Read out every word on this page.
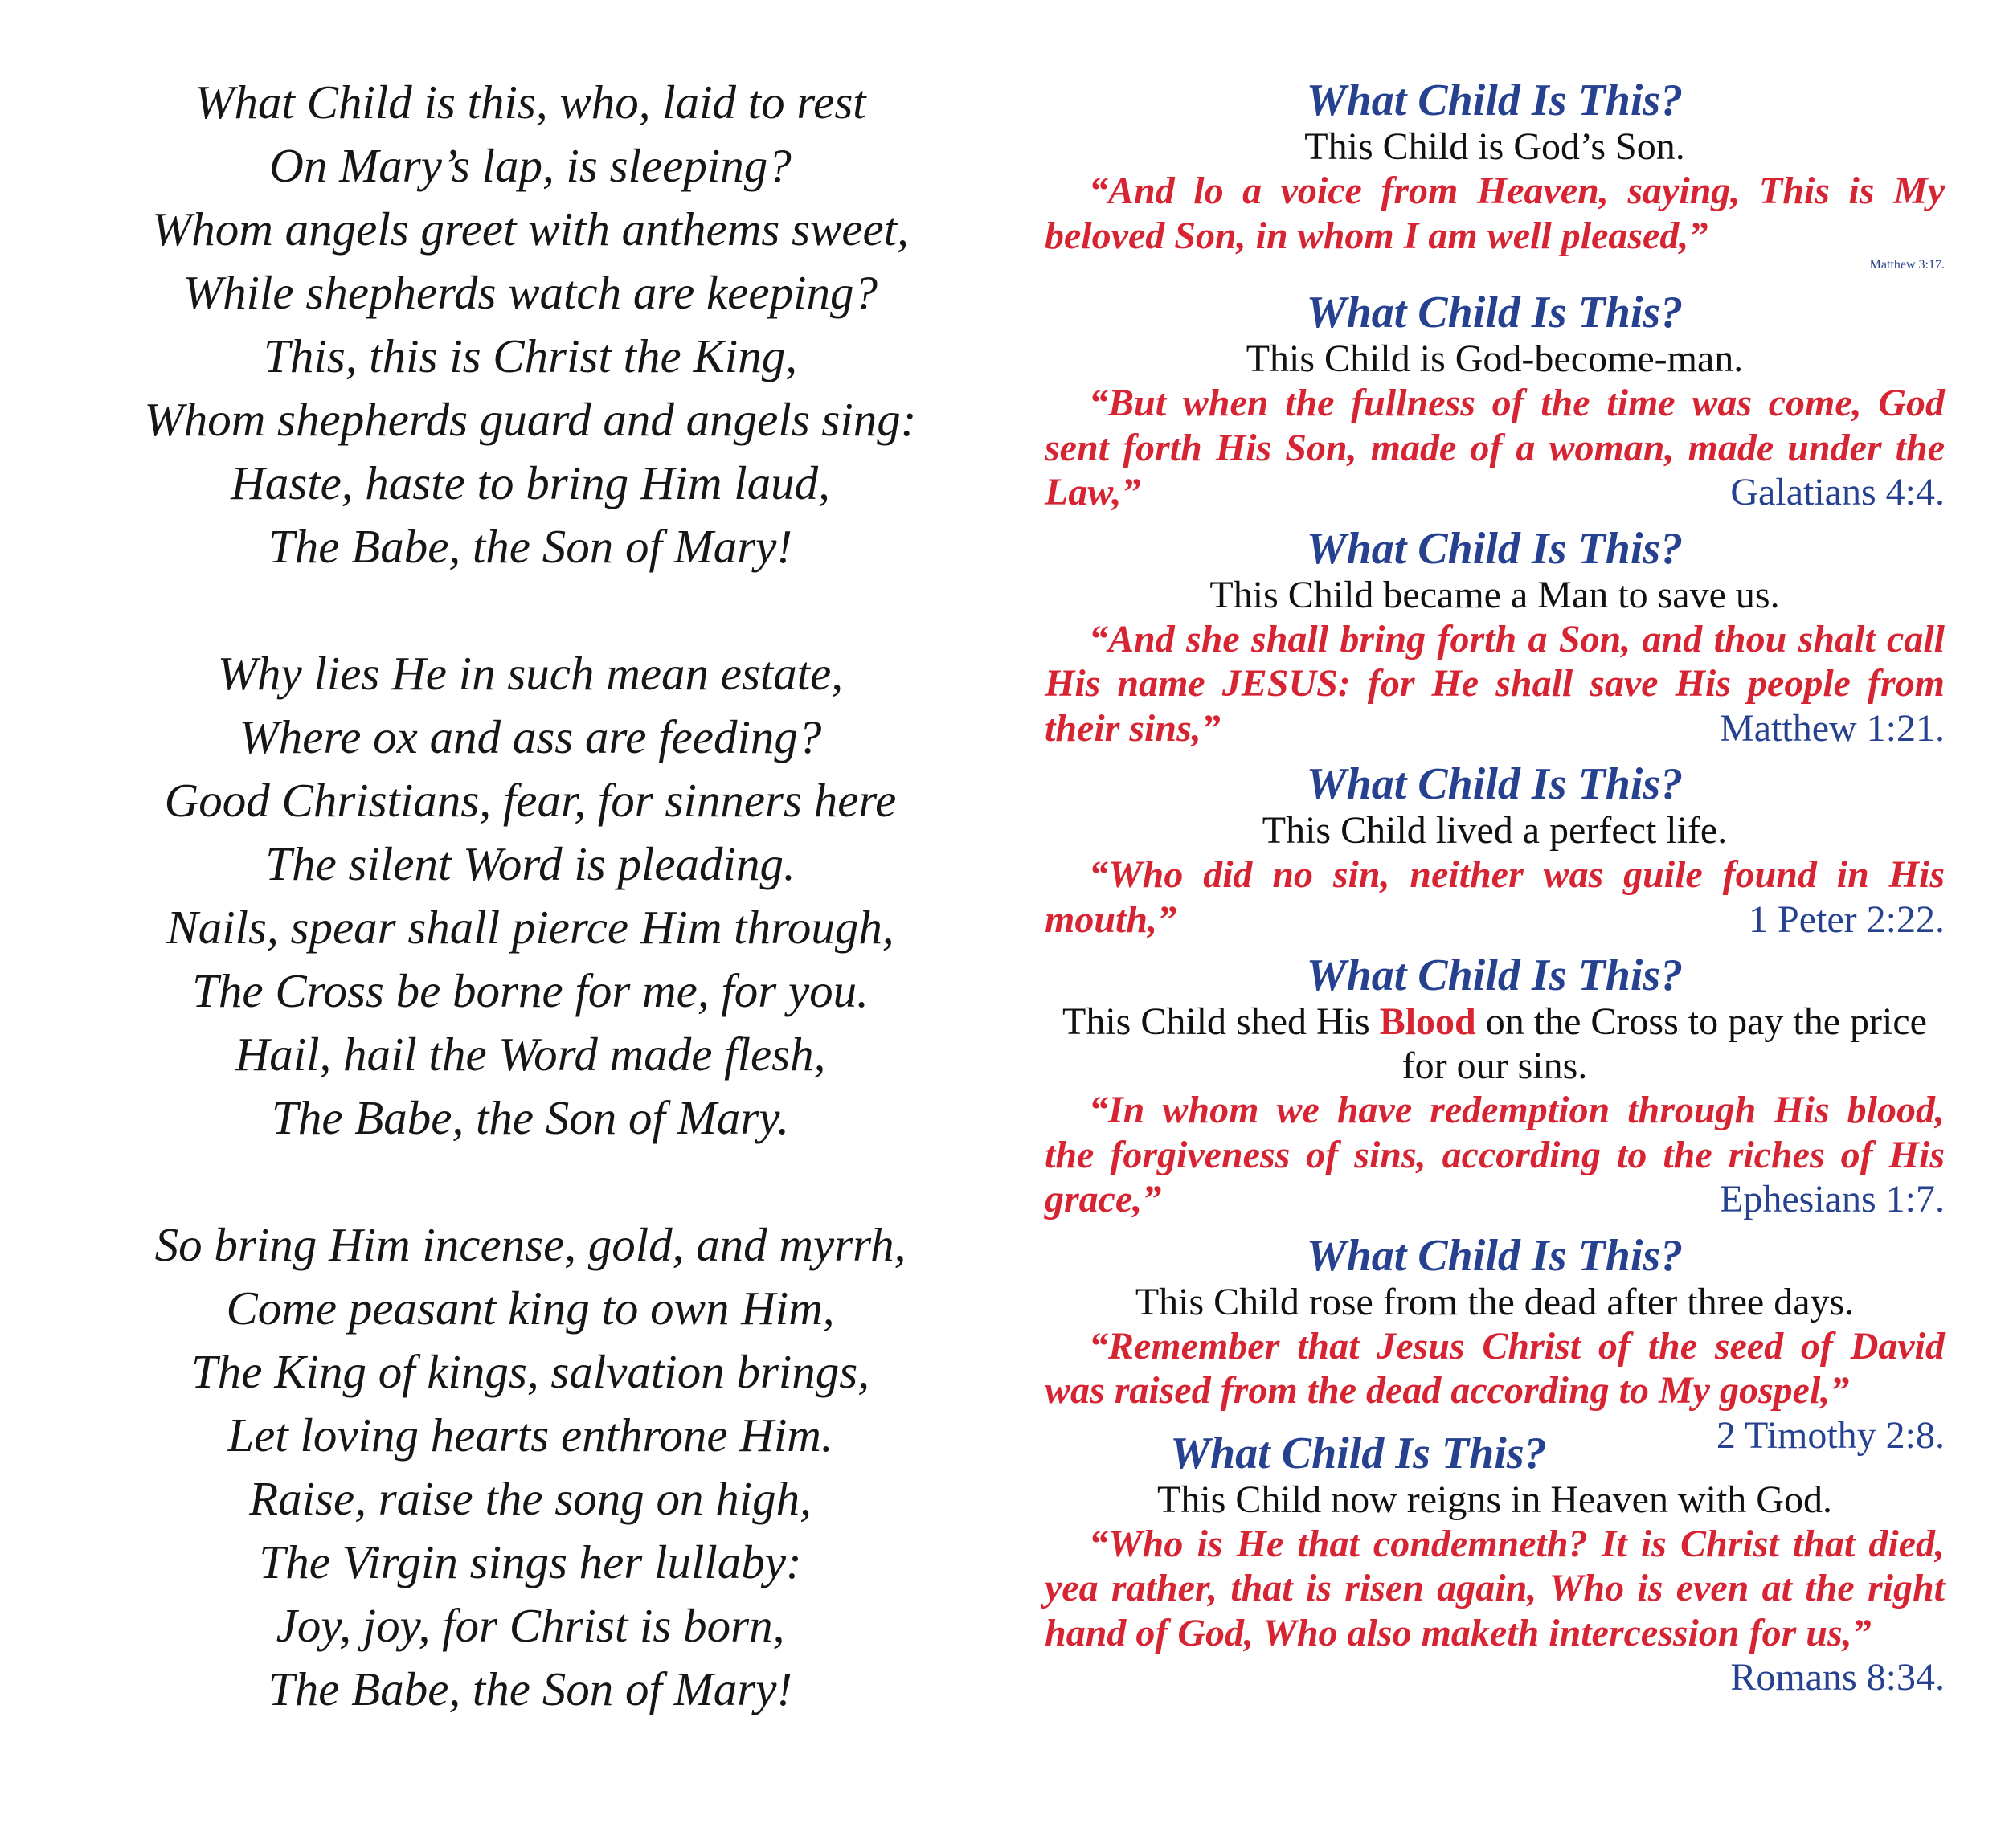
What Child is this, who, laid to rest
On Mary’s lap, is sleeping?
Whom angels greet with anthems sweet,
While shepherds watch are keeping?
This, this is Christ the King,
Whom shepherds guard and angels sing:
Haste, haste to bring Him laud,
The Babe, the Son of Mary!
Why lies He in such mean estate,
Where ox and ass are feeding?
Good Christians, fear, for sinners here
The silent Word is pleading.
Nails, spear shall pierce Him through,
The Cross be borne for me, for you.
Hail, hail the Word made flesh,
The Babe, the Son of Mary.
So bring Him incense, gold, and myrrh,
Come peasant king to own Him,
The King of kings, salvation brings,
Let loving hearts enthrone Him.
Raise, raise the song on high,
The Virgin sings her lullaby:
Joy, joy, for Christ is born,
The Babe, the Son of Mary!
What Child Is This?
This Child is God’s Son.
“And lo a voice from Heaven, saying, This is My beloved Son, in whom I am well pleased,”
Matthew 3:17.
What Child Is This?
This Child is God-become-man.
“But when the fullness of the time was come, God sent forth His Son, made of a woman, made under the Law,”	Galatians 4:4.
What Child Is This?
This Child became a Man to save us.
“And she shall bring forth a Son, and thou shalt call His name JESUS: for He shall save His people from their sins,”	Matthew 1:21.
What Child Is This?
This Child lived a perfect life.
“Who did no sin, neither was guile found in His mouth,”	1 Peter 2:22.
What Child Is This?
This Child shed His Blood on the Cross to pay the price for our sins.
“In whom we have redemption through His blood, the forgiveness of sins, according to the riches of His grace,”	Ephesians 1:7.
What Child Is This?
This Child rose from the dead after three days.
“Remember that Jesus Christ of the seed of David was raised from the dead according to My gospel,”
2 Timothy 2:8.
What Child Is This?
This Child now reigns in Heaven with God.
“Who is He that condemneth? It is Christ that died, yea rather, that is risen again, Who is even at the right hand of God, Who also maketh intercession for us,”
Romans 8:34.
